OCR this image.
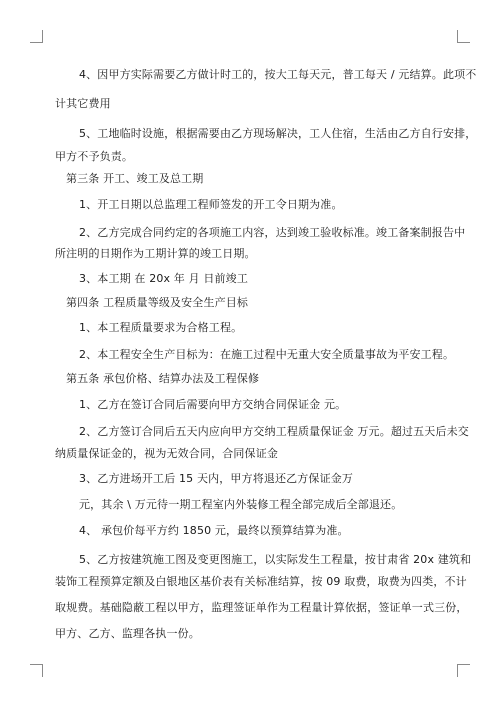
4、因甲方实际需要乙方做计时工的，按大工每天元，普工每天 / 元结算。此项不
计其它费用
5、工地临时设施，根据需要由乙方现场解决，工人住宿，生活由乙方自行安排，
甲方不予负责。
第三条 开工、竣工及总工期
1、开工日期以总监理工程师签发的开工令日期为准。
2、乙方完成合同约定的各项施工内容，达到竣工验收标准。竣工备案制报告中
所注明的日期作为工期计算的竣工日期。
3、本工期 在 20x 年 月 日前竣工
第四条 工程质量等级及安全生产目标
1、本工程质量要求为合格工程。
2、本工程安全生产目标为：在施工过程中无重大安全质量事故为平安工程。
第五条 承包价格、结算办法及工程保修
1、乙方在签订合同后需要向甲方交纳合同保证金 元。
2、乙方签订合同后五天内应向甲方交纳工程质量保证金 万元。超过五天后未交
纳质量保证金的，视为无效合同，合同保证金
3、乙方进场开工后 15 天内，甲方将退还乙方保证金万
元，其余 \ 万元待一期工程室内外装修工程全部完成后全部退还。
4、 承包价每平方约 1850 元，最终以预算结算为准。
5、乙方按建筑施工图及变更图施工，以实际发生工程量，按甘肃省 20x 建筑和
装饰工程预算定额及白银地区基价表有关标准结算，按 09 取费，取费为四类，不计
取规费。基础隐蔽工程以甲方，监理签证单作为工程量计算依据，签证单一式三份，
甲方、乙方、监理各执一份。
